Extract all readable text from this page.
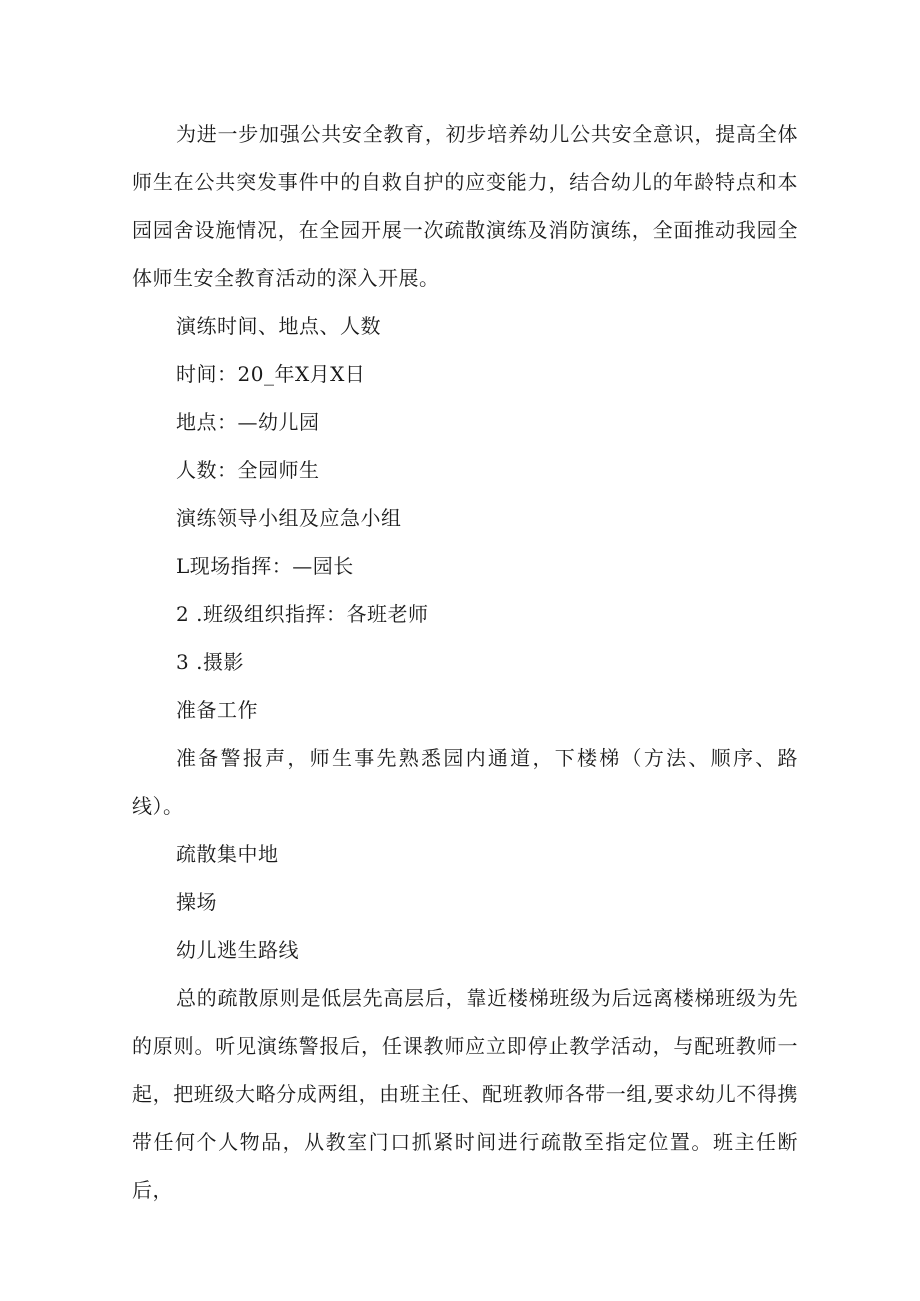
为进一步加强公共安全教育，初步培养幼儿公共安全意识，提高全体师生在公共突发事件中的自救自护的应变能力，结合幼儿的年龄特点和本园园舍设施情况，在全园开展一次疏散演练及消防演练，全面推动我园全体师生安全教育活动的深入开展。

演练时间、地点、人数

时间：20_年X月X日

地点：—幼儿园

人数：全园师生

演练领导小组及应急小组

L现场指挥：—园长

2 .班级组织指挥：各班老师

3 .摄影

准备工作

准备警报声，师生事先熟悉园内通道，下楼梯（方法、顺序、路线）。

疏散集中地

操场

幼儿逃生路线

总的疏散原则是低层先高层后，靠近楼梯班级为后远离楼梯班级为先的原则。听见演练警报后，任课教师应立即停止教学活动，与配班教师一起，把班级大略分成两组，由班主任、配班教师各带一组,要求幼儿不得携带任何个人物品，从教室门口抓紧时间进行疏散至指定位置。班主任断后，
